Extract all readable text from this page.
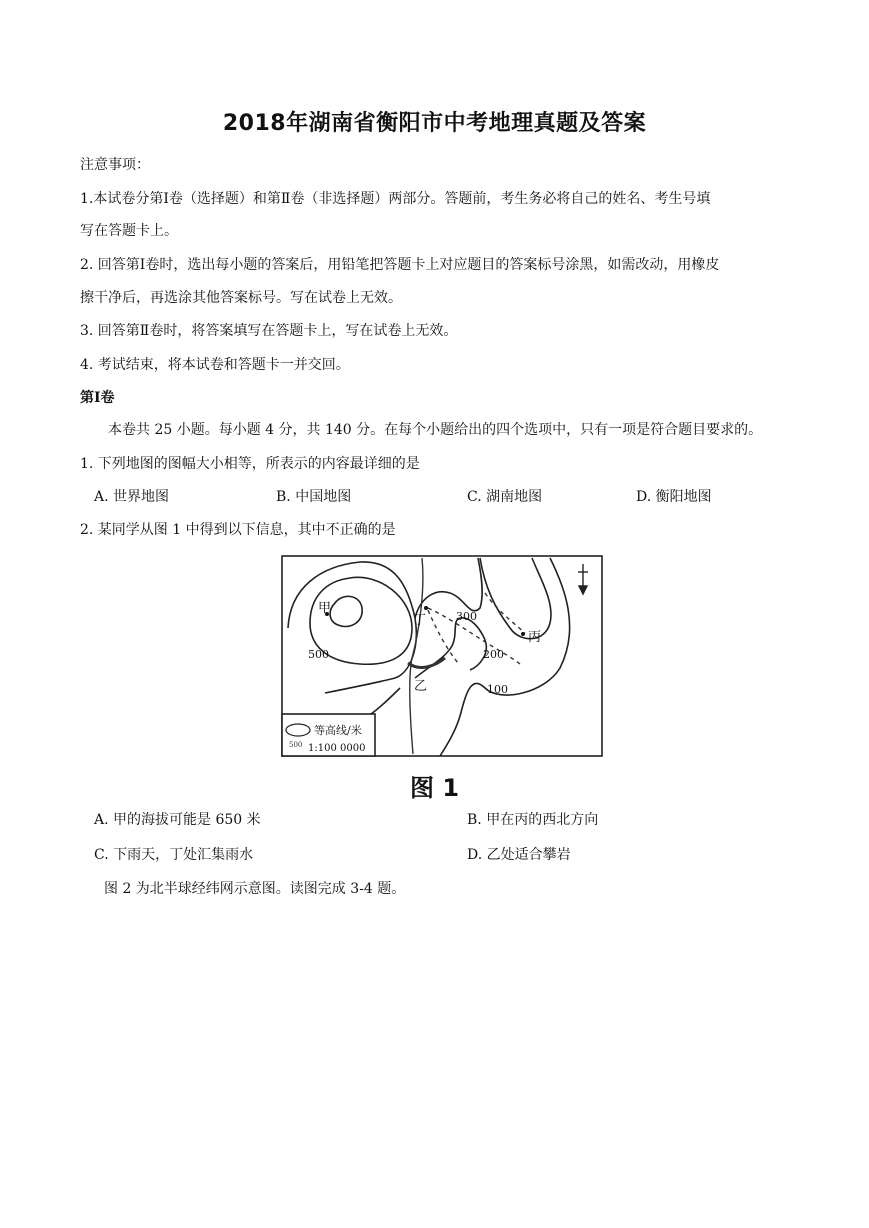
2018年湖南省衡阳市中考地理真题及答案
注意事项：
1.本试卷分第Ⅰ卷（选择题）和第Ⅱ卷（非选择题）两部分。答题前，考生务必将自己的姓名、考生号填
写在答题卡上。
2. 回答第Ⅰ卷时，选出每小题的答案后，用铅笔把答题卡上对应题目的答案标号涂黑，如需改动，用橡皮
擦干净后，再选涂其他答案标号。写在试卷上无效。
3. 回答第Ⅱ卷时，将答案填写在答题卡上，写在试卷上无效。
4. 考试结束，将本试卷和答题卡一并交回。
第Ⅰ卷
本卷共 25 小题。每小题 4 分，共 140 分。在每个小题给出的四个选项中，只有一项是符合题目要求的。
1. 下列地图的图幅大小相等，所表示的内容最详细的是
A. 世界地图	B. 中国地图	C. 湖南地图	D. 衡阳地图
2. 某同学从图 1 中得到以下信息，其中不正确的是
甲
丁
丙
乙
500
300
200
100
500
等高线/米
1:100 0000
图 1
A. 甲的海拔可能是 650 米	B. 甲在丙的西北方向
C. 下雨天，丁处汇集雨水	D. 乙处适合攀岩
图 2 为北半球经纬网示意图。读图完成 3-4 题。
